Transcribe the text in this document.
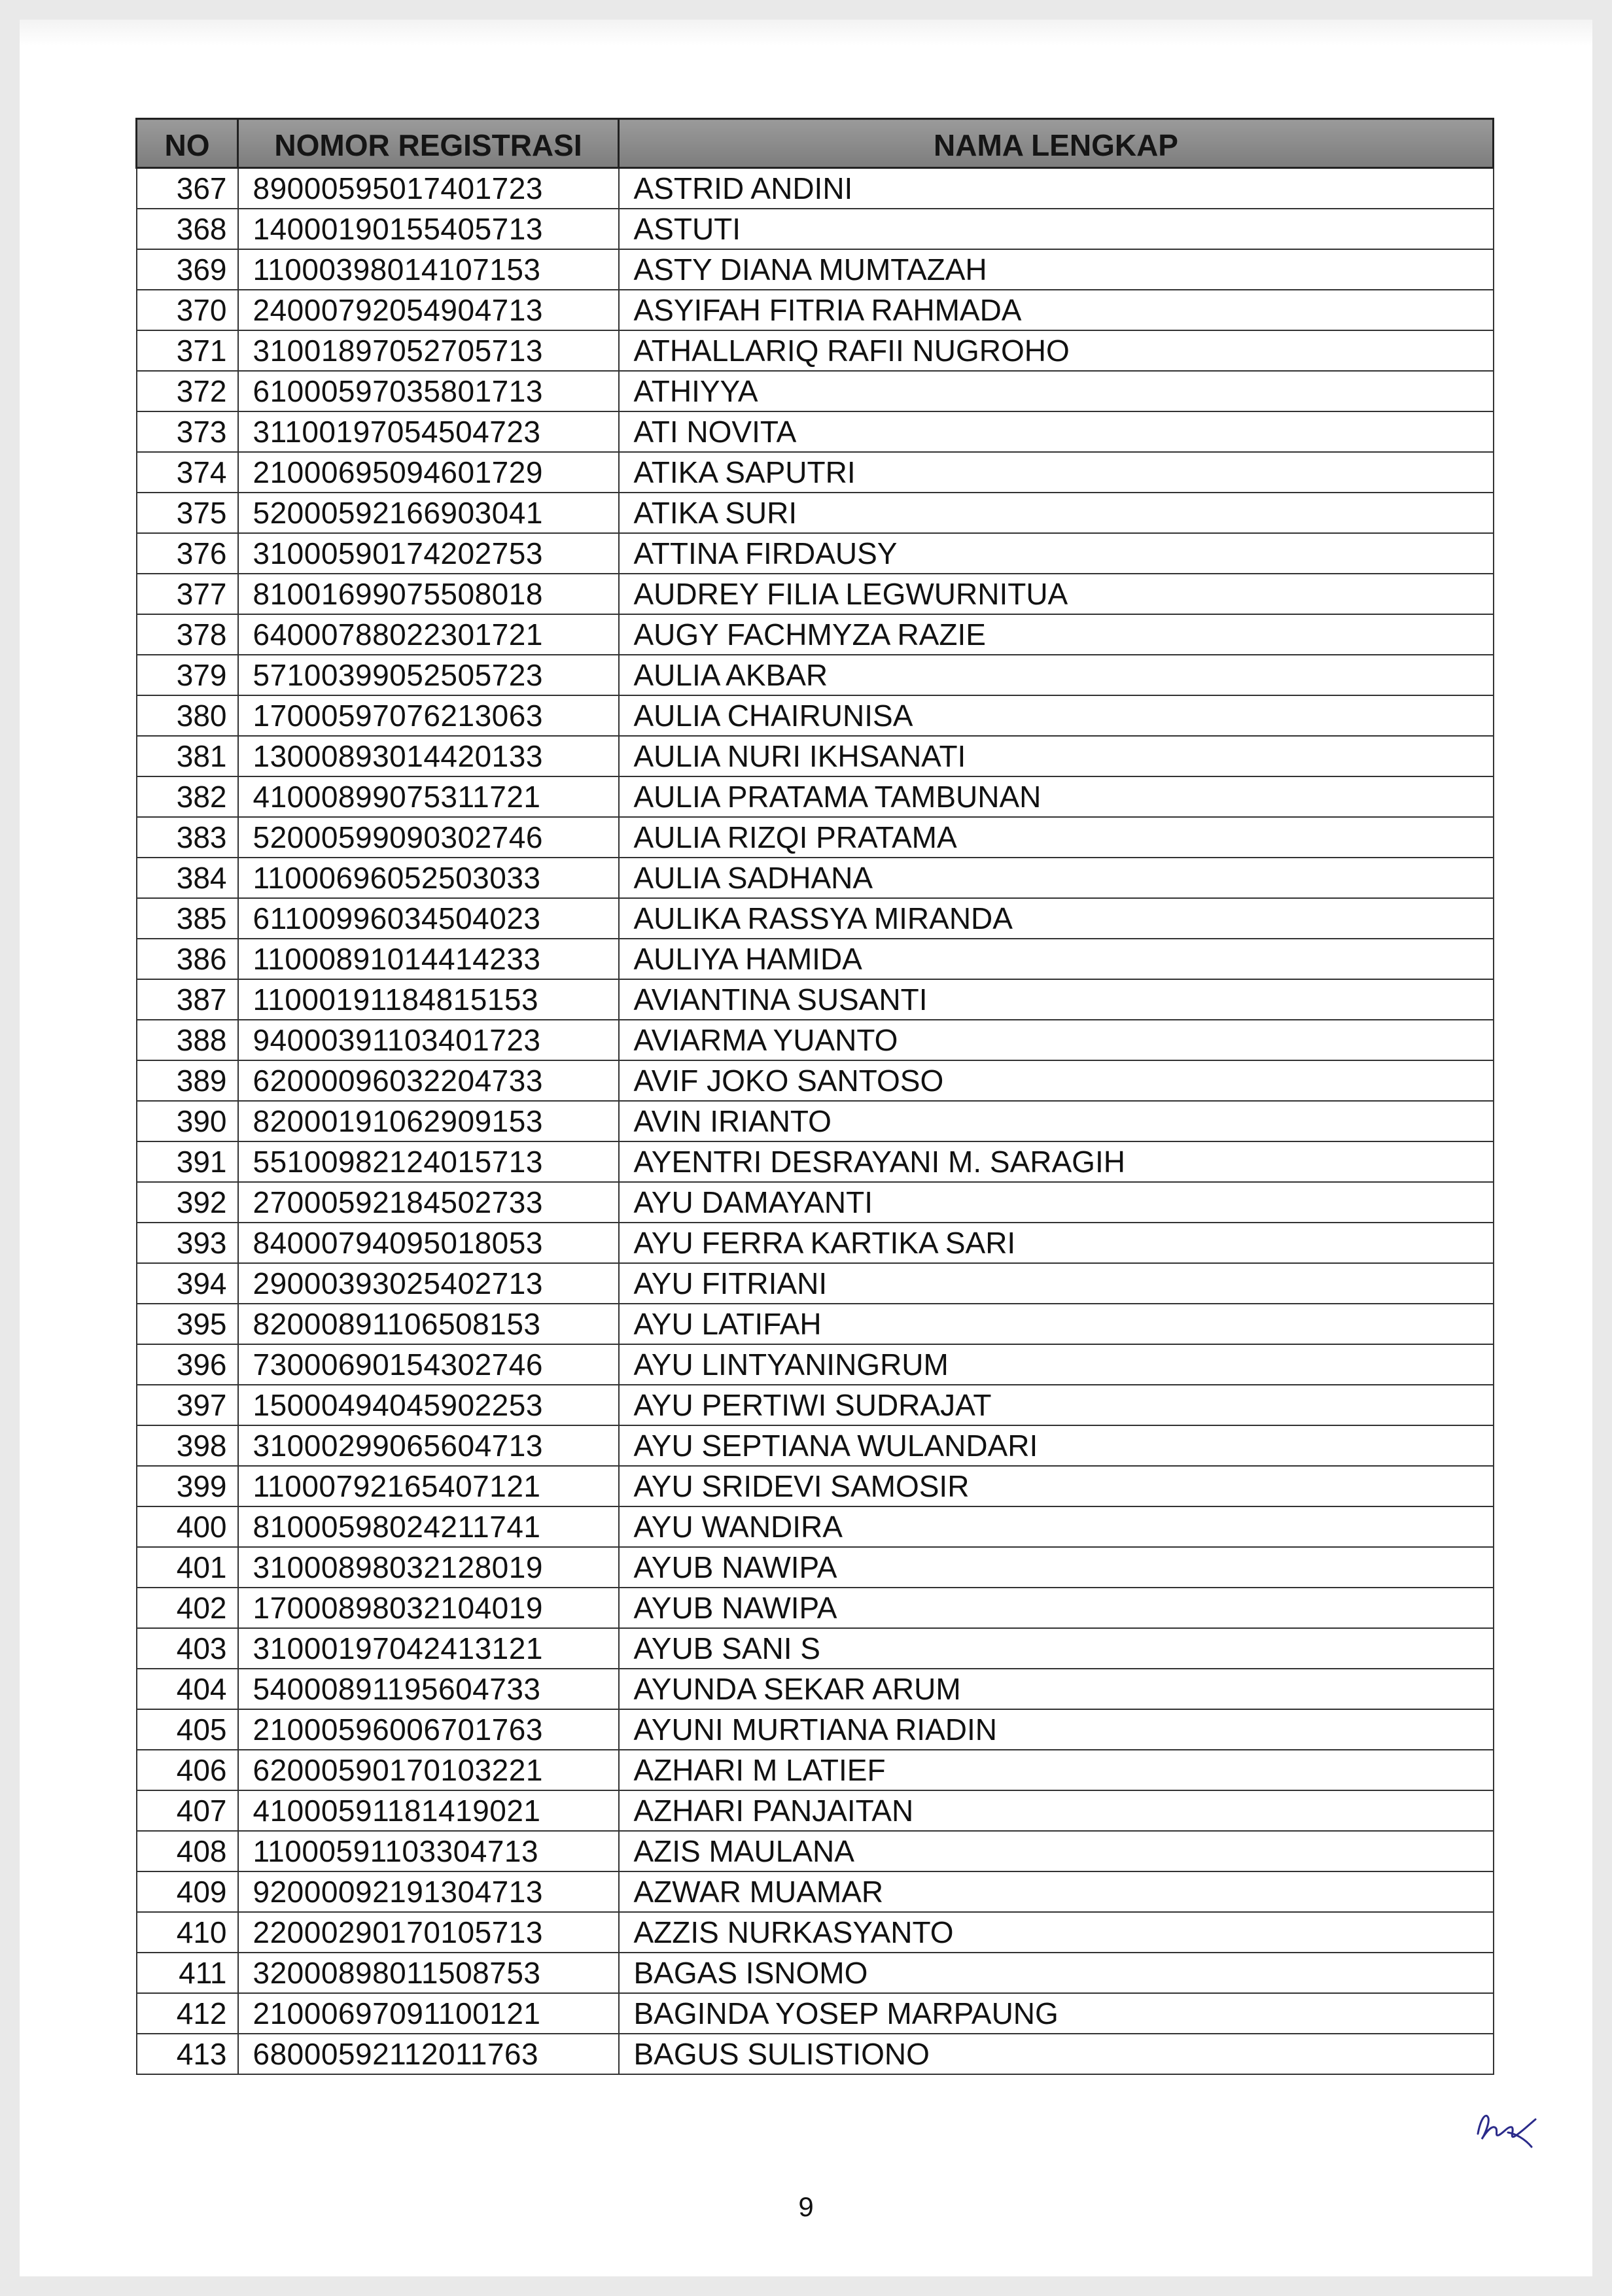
NO	NOMOR REGISTRASI	NAMA LENGKAP

367	89000595017401723	ASTRID ANDINI
368	14000190155405713	ASTUTI
369	11000398014107153	ASTY DIANA MUMTAZAH
370	24000792054904713	ASYIFAH FITRIA RAHMADA
371	31001897052705713	ATHALLARIQ RAFII NUGROHO
372	61000597035801713	ATHIYYA
373	31100197054504723	ATI NOVITA
374	21000695094601729	ATIKA SAPUTRI
375	52000592166903041	ATIKA SURI
376	31000590174202753	ATTINA FIRDAUSY
377	81001699075508018	AUDREY FILIA LEGWURNITUA
378	64000788022301721	AUGY FACHMYZA RAZIE
379	57100399052505723	AULIA AKBAR
380	17000597076213063	AULIA CHAIRUNISA
381	13000893014420133	AULIA NURI IKHSANATI
382	41000899075311721	AULIA PRATAMA TAMBUNAN
383	52000599090302746	AULIA RIZQI PRATAMA
384	11000696052503033	AULIA SADHANA
385	61100996034504023	AULIKA RASSYA MIRANDA
386	11000891014414233	AULIYA HAMIDA
387	11000191184815153	AVIANTINA SUSANTI
388	94000391103401723	AVIARMA YUANTO
389	62000096032204733	AVIF JOKO SANTOSO
390	82000191062909153	AVIN IRIANTO
391	55100982124015713	AYENTRI DESRAYANI M. SARAGIH
392	27000592184502733	AYU DAMAYANTI
393	84000794095018053	AYU FERRA KARTIKA SARI
394	29000393025402713	AYU FITRIANI
395	82000891106508153	AYU LATIFAH
396	73000690154302746	AYU LINTYANINGRUM
397	15000494045902253	AYU PERTIWI SUDRAJAT
398	31000299065604713	AYU SEPTIANA WULANDARI
399	11000792165407121	AYU SRIDEVI SAMOSIR
400	81000598024211741	AYU WANDIRA
401	31000898032128019	AYUB NAWIPA
402	17000898032104019	AYUB NAWIPA
403	31000197042413121	AYUB SANI S
404	54000891195604733	AYUNDA SEKAR ARUM
405	21000596006701763	AYUNI MURTIANA RIADIN
406	62000590170103221	AZHARI M LATIEF
407	41000591181419021	AZHARI PANJAITAN
408	11000591103304713	AZIS MAULANA
409	92000092191304713	AZWAR MUAMAR
410	22000290170105713	AZZIS NURKASYANTO
411	32000898011508753	BAGAS ISNOMO
412	21000697091100121	BAGINDA YOSEP MARPAUNG
413	68000592112011763	BAGUS SULISTIONO
9
